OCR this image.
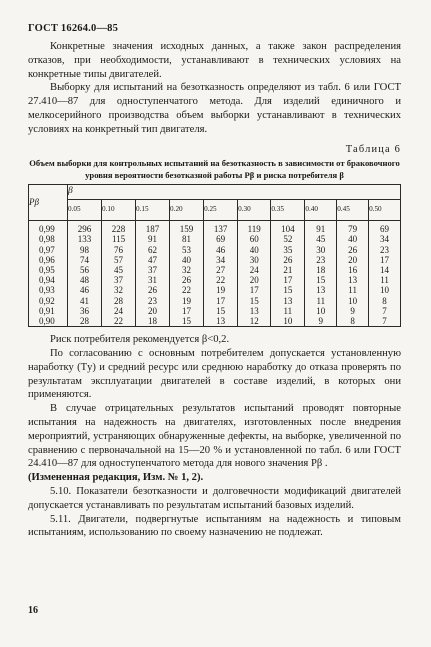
ГОСТ 16264.0—85

Конкретные значения исходных данных, а также закон распределения отказов, при необходимости, устанавливают в технических условиях на конкретные типы двигателей.

Выборку для испытаний на безотказность определяют из табл. 6 или ГОСТ 27.410—87 для одноступенчатого метода. Для изделий единичного и мелкосерийного производства объем выборки устанавливают в технических условиях на конкретный тип двигателя.

Таблица 6
Объем выборки для контрольных испытаний на безотказность в зависимости от браковочного уровня вероятности безотказной работы Pβ и риска потребителя β
Pβ	β									
	0.05	0.10	0.15	0.20	0.25	0.30	0.35	0.40	0.45	0.50
0,99	296	228	187	159	137	119	104	91	79	69
0,98	133	115	91	81	69	60	52	45	40	34
0,97	98	76	62	53	46	40	35	30	26	23
0,96	74	57	47	40	34	30	26	23	20	17
0,95	56	45	37	32	27	24	21	18	16	14
0,94	48	37	31	26	22	20	17	15	13	11
0,93	46	32	26	22	19	17	15	13	11	10
0,92	41	28	23	19	17	15	13	11	10	8
0,91	36	24	20	17	15	13	11	10	9	7
0,90	28	22	18	15	13	12	10	9	8	7

Риск потребителя рекомендуется β<0,2.

По согласованию с основным потребителем допускается установленную наработку (Tу) и средний ресурс или среднюю наработку до отказа проверять по результатам эксплуатации двигателей в составе изделий, в которых они применяются.

В случае отрицательных результатов испытаний проводят повторные испытания на надежность на двигателях, изготовленных после внедрения мероприятий, устраняющих обнаруженные дефекты, на выборке, увеличенной по сравнению с первоначальной на 15—20 % и установленной по табл. 6 или ГОСТ 24.410—87 для одноступенчатого метода для нового значения Pβ .

(Измененная редакция, Изм. № 1, 2).

5.10. Показатели безотказности и долговечности модификаций двигателей допускается устанавливать по результатам испытаний базовых изделий.

5.11. Двигатели, подвергнутые испытаниям на надежность и типовым испытаниям, использованию по своему назначению не подлежат.

16
